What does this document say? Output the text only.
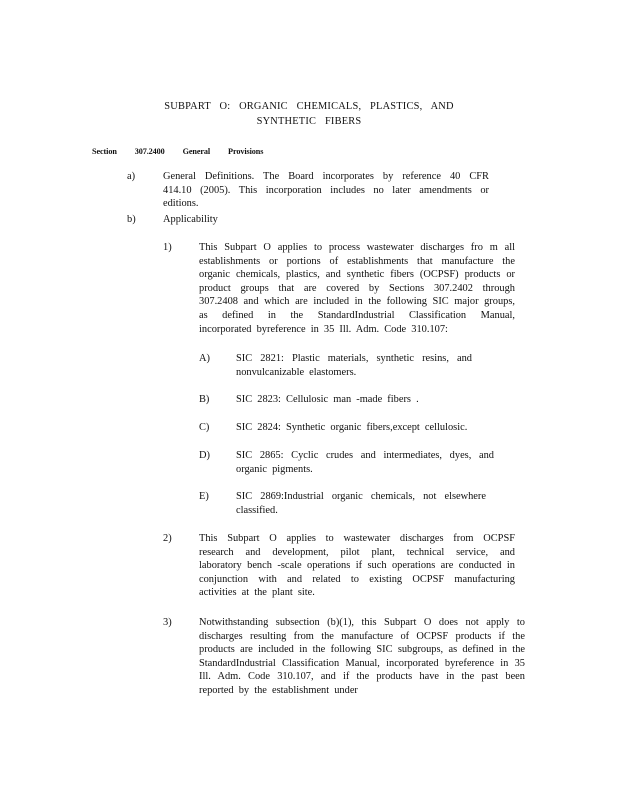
SUBPART O: ORGANIC CHEMICALS, PLASTICS, AND
SYNTHETIC FIBERS
Section 307.2400 General Provisions
a)	General Definitions. The Board incorporates by reference 40 CFR 414.10 (2005). This incorporation includes no later amendments or editions.
b)	Applicability
1)	This Subpart O applies to process wastewater discharges fro m all establishments or portions of establishments that manufacture the organic chemicals, plastics, and synthetic fibers (OCPSF) products or product groups that are covered by Sections 307.2402 through 307.2408 and which are included in the following SIC major groups, as defined in the StandardIndustrial Classification Manual, incorporated byreference in 35 Ill. Adm. Code 310.107:
A)	SIC 2821: Plastic materials, synthetic resins, and nonvulcanizable elastomers.
B)	SIC 2823: Cellulosic man -made fibers .
C)	SIC 2824: Synthetic organic fibers,except cellulosic.
D)	SIC 2865: Cyclic crudes and intermediates, dyes, and organic pigments.
E)	SIC 2869:Industrial organic chemicals, not elsewhere classified.
2)	This Subpart O applies to wastewater discharges from OCPSF research and development, pilot plant, technical service, and laboratory bench -scale operations if such operations are conducted in conjunction with and related to existing OCPSF manufacturing activities at the plant site.
3)	Notwithstanding subsection (b)(1), this Subpart O does not apply to discharges resulting from the manufacture of OCPSF products if the products are included in the following SIC subgroups, as defined in the StandardIndustrial Classification Manual, incorporated byreference in 35 Ill. Adm. Code 310.107, and if the products have in the past been reported by the establishment under
